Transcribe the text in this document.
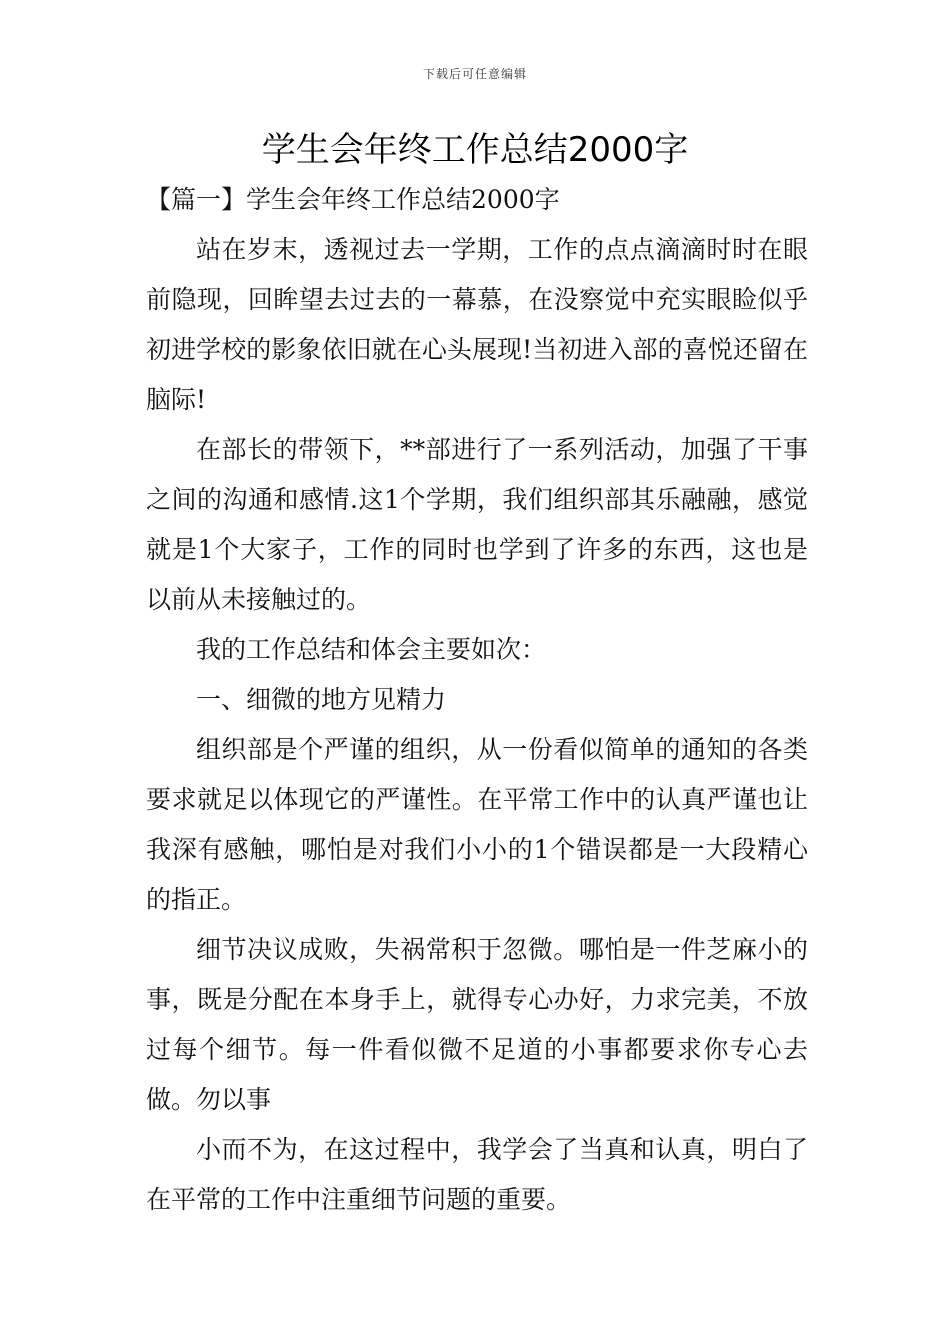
下载后可任意编辑
学生会年终工作总结2000字

【篇一】学生会年终工作总结2000字

站在岁末，透视过去一学期，工作的点点滴滴时时在眼前隐现，回眸望去过去的一幕慕，在没察觉中充实眼睑似乎初进学校的影象依旧就在心头展现!当初进入部的喜悦还留在脑际!

在部长的带领下，**部进行了一系列活动，加强了干事之间的沟通和感情.这1个学期，我们组织部其乐融融，感觉就是1个大家子，工作的同时也学到了许多的东西，这也是以前从未接触过的。

我的工作总结和体会主要如次：

一、细微的地方见精力

组织部是个严谨的组织，从一份看似简单的通知的各类要求就足以体现它的严谨性。在平常工作中的认真严谨也让我深有感触，哪怕是对我们小小的1个错误都是一大段精心的指正。

细节决议成败，失祸常积于忽微。哪怕是一件芝麻小的事，既是分配在本身手上，就得专心办好，力求完美，不放过每个细节。每一件看似微不足道的小事都要求你专心去做。勿以事

小而不为，在这过程中，我学会了当真和认真，明白了在平常的工作中注重细节问题的重要。
